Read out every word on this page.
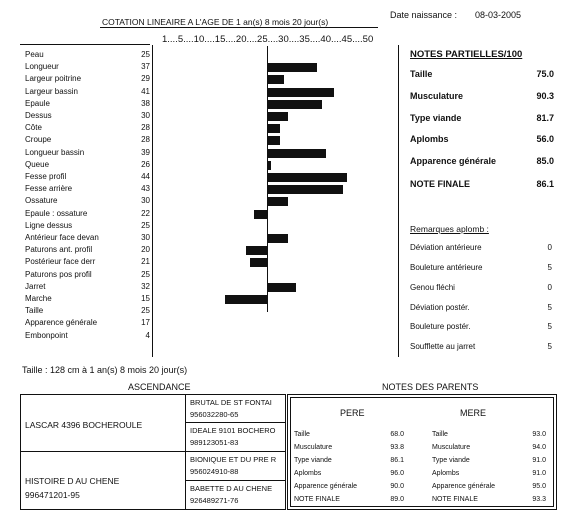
COTATION LINEAIRE A L'AGE DE 1 an(s) 8 mois 20 jour(s)
Date naissance : 08-03-2005
1....5....10....15....20....25....30....35....40....45....50
Peau	25
Longueur	37
Largeur poitrine	29
Largeur bassin	41
Epaule	38
Dessus	30
Côte	28
Croupe	28
Longueur bassin	39
Queue	26
Fesse profil	44
Fesse arrière	43
Ossature	30
Epaule : ossature	22
Ligne dessus	25
Antérieur face devan	30
Paturons ant. profil	20
Postérieur face derr	21
Paturons pos profil	25
Jarret	32
Marche	15
Taille	25
Apparence générale	17
Embonpoint	4
NOTES PARTIELLES/100
Taille	75.0
Musculature	90.3
Type viande	81.7
Aplombs	56.0
Apparence générale	85.0
NOTE FINALE	86.1
Remarques aplomb :
Déviation antérieure	0
Bouleture antérieure	5
Genou fléchi	0
Déviation postér.	5
Bouleture postér.	5
Soufflette au jarret	5
Taille : 128 cm à 1 an(s) 8 mois 20 jour(s)
ASCENDANCE
LASCAR 4396 BOCHEROULE
HISTOIRE D AU CHENE
996471201-95
BRUTAL DE ST FONTAI
956032280-65
IDEALE 9101 BOCHERO
989123051-83
BIONIQUE ET DU PRE R
956024910-88
BABETTE D AU CHENE
926489271-76
NOTES DES PARENTS
PERE	MERE
Taille	68.0	Taille	93.0
Musculature	93.8	Musculature	94.0
Type viande	86.1	Type viande	91.0
Aplombs	96.0	Aplombs	91.0
Apparence générale	90.0	Apparence générale	95.0
NOTE FINALE	89.0	NOTE FINALE	93.3
